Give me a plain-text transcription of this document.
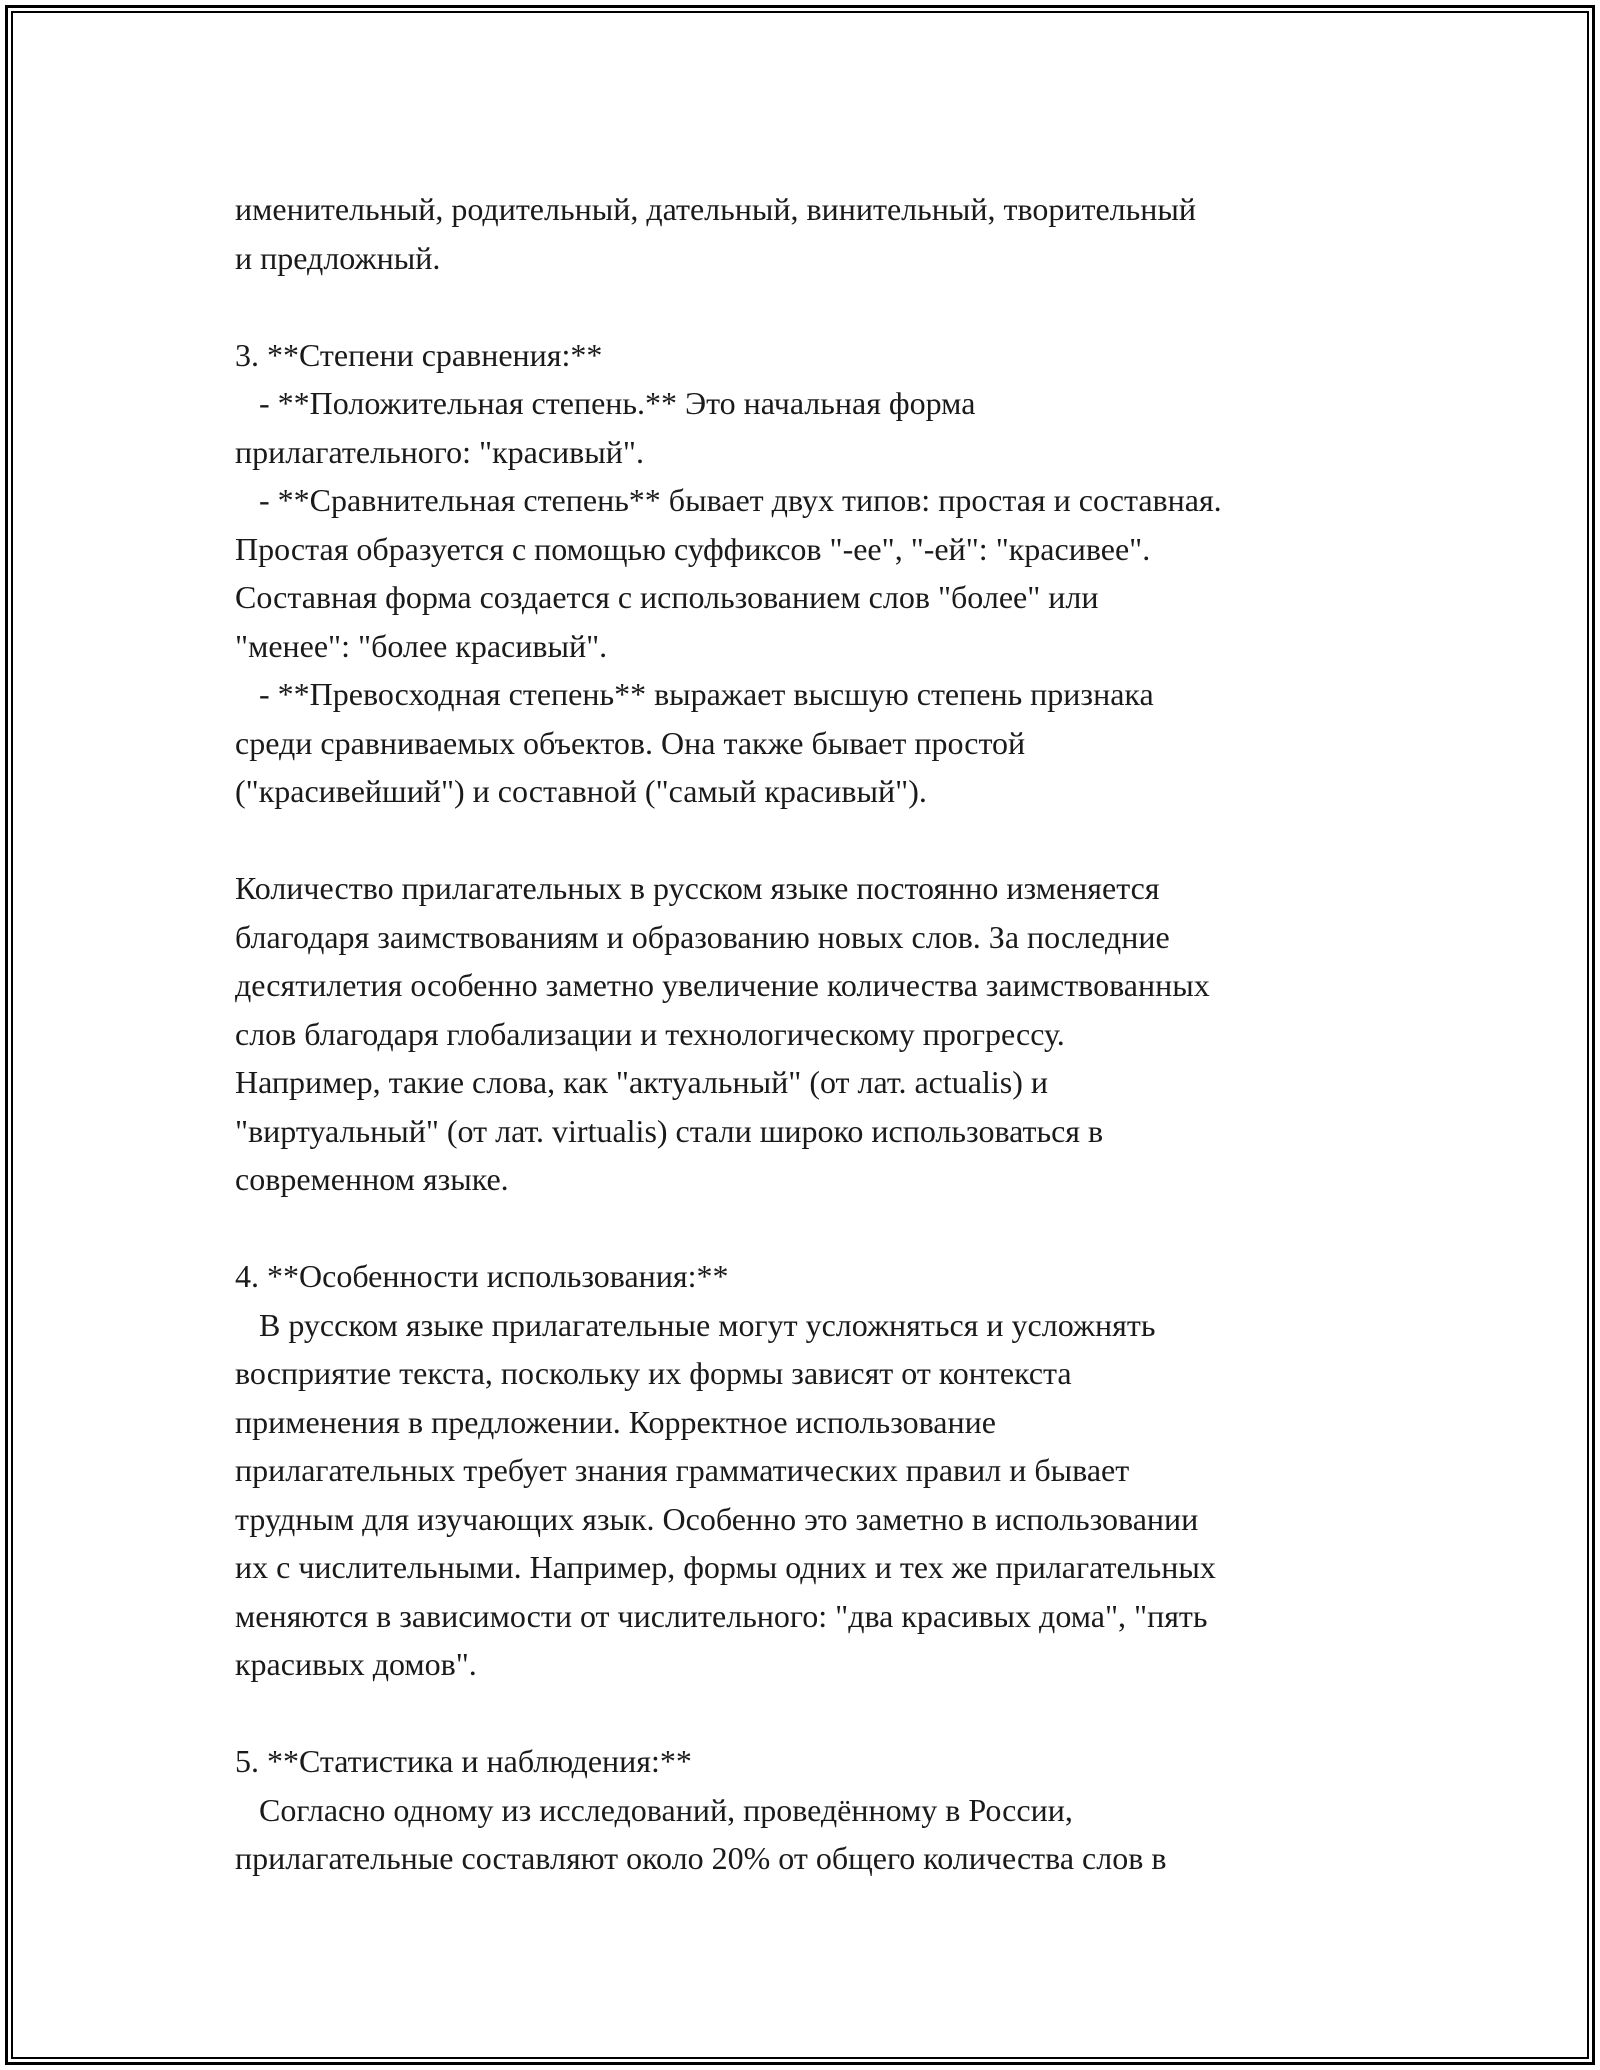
именительный, родительный, дательный, винительный, творительный

и предложный.

3. **Степени сравнения:**

- **Положительная степень.** Это начальная форма

прилагательного: "красивый".

- **Сравнительная степень** бывает двух типов: простая и составная.

Простая образуется с помощью суффиксов "-ее", "-ей": "красивее".

Составная форма создается с использованием слов "более" или

"менее": "более красивый".

- **Превосходная степень** выражает высшую степень признака

среди сравниваемых объектов. Она также бывает простой

("красивейший") и составной ("самый красивый").

Количество прилагательных в русском языке постоянно изменяется

благодаря заимствованиям и образованию новых слов. За последние

десятилетия особенно заметно увеличение количества заимствованных

слов благодаря глобализации и технологическому прогрессу.

Например, такие слова, как "актуальный" (от лат. actualis) и

"виртуальный" (от лат. virtualis) стали широко использоваться в

современном языке.

4. **Особенности использования:**

В русском языке прилагательные могут усложняться и усложнять

восприятие текста, поскольку их формы зависят от контекста

применения в предложении. Корректное использование

прилагательных требует знания грамматических правил и бывает

трудным для изучающих язык. Особенно это заметно в использовании

их с числительными. Например, формы одних и тех же прилагательных

меняются в зависимости от числительного: "два красивых дома", "пять

красивых домов".

5. **Статистика и наблюдения:**

Согласно одному из исследований, проведённому в России,

прилагательные составляют около 20% от общего количества слов в
